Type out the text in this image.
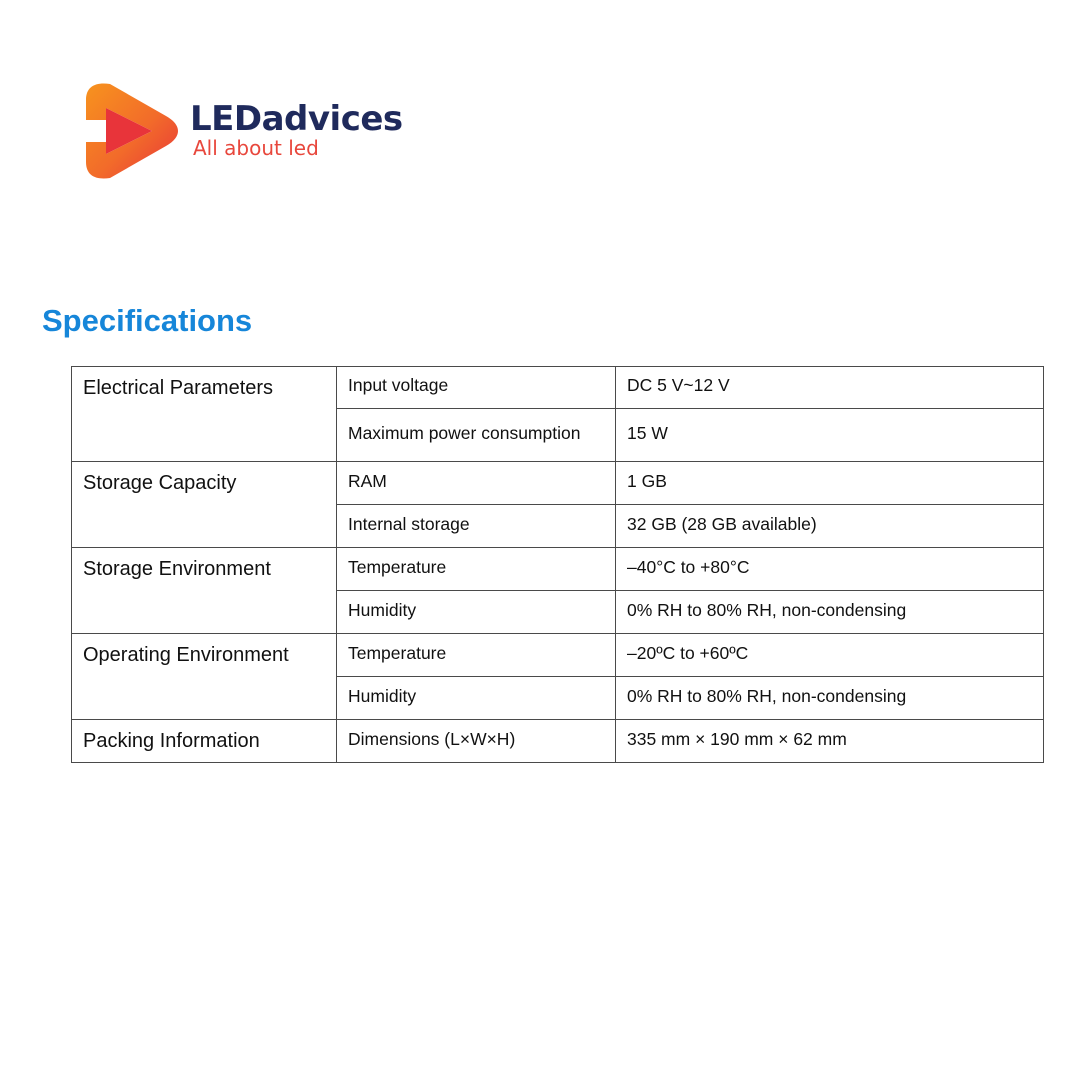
LEDadvices
All about led
Specifications
Electrical Parameters	Input voltage	DC 5 V~12 V
	Maximum power consumption	15 W
Storage Capacity	RAM	1 GB
	Internal storage	32 GB (28 GB available)
Storage Environment	Temperature	–40°C to +80°C
	Humidity	0% RH to 80% RH, non-condensing
Operating Environment	Temperature	–20ºC to +60ºC
	Humidity	0% RH to 80% RH, non-condensing
Packing Information	Dimensions (L×W×H)	335 mm × 190 mm × 62 mm
